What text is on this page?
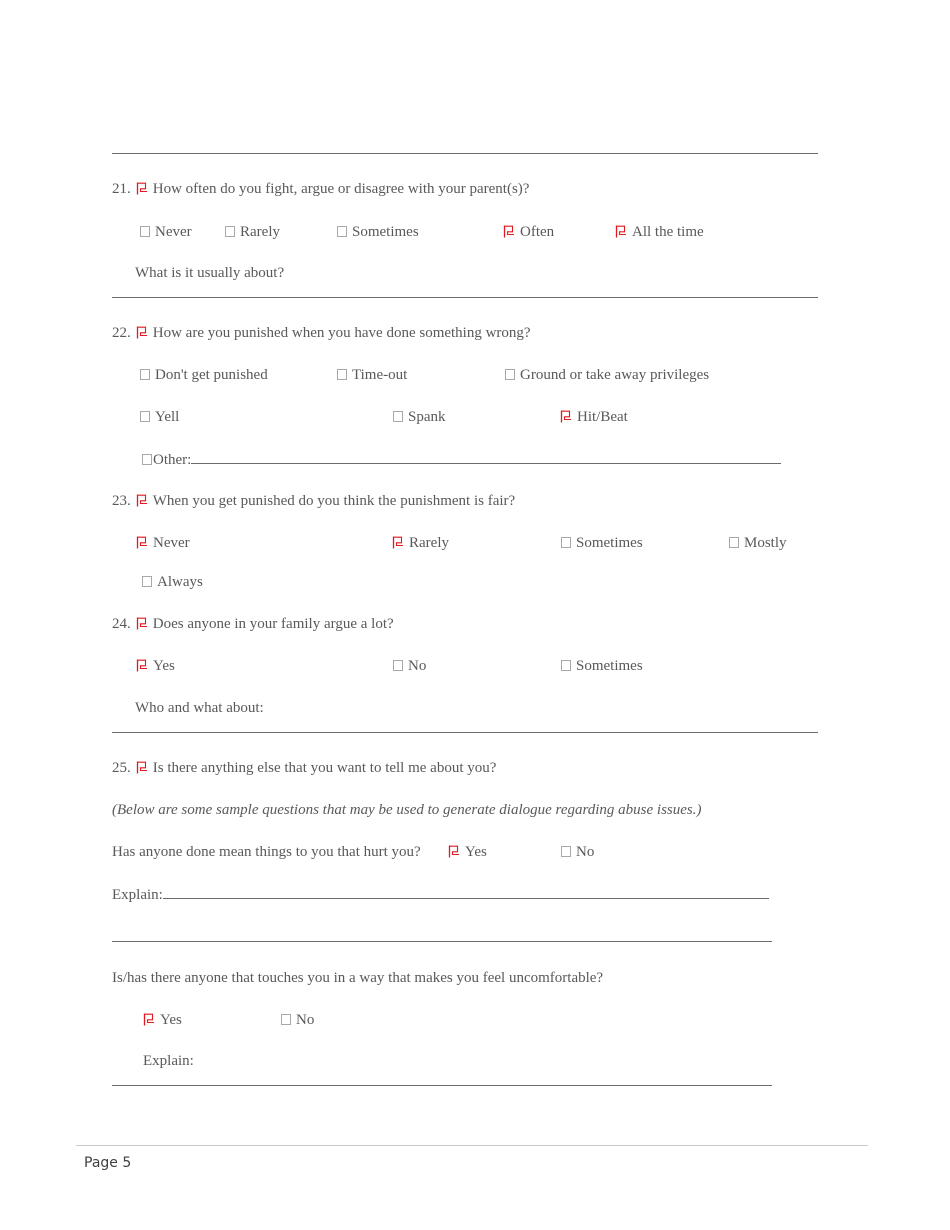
21. How often do you fight, argue or disagree with your parent(s)?
Never	Rarely	Sometimes	Often	All the time
What is it usually about?
22. How are you punished when you have done something wrong?
Don't get punished	Time-out	Ground or take away privileges
Yell	Spank	Hit/Beat
Other:
23. When you get punished do you think the punishment is fair?
Never	Rarely	Sometimes	Mostly
Always
24. Does anyone in your family argue a lot?
Yes	No	Sometimes
Who and what about:
25. Is there anything else that you want to tell me about you?
(Below are some sample questions that may be used to generate dialogue regarding abuse issues.)
Has anyone done mean things to you that hurt you?	Yes	No
Explain:
Is/has there anyone that touches you in a way that makes you feel uncomfortable?
Yes	No
Explain:
Page 5
